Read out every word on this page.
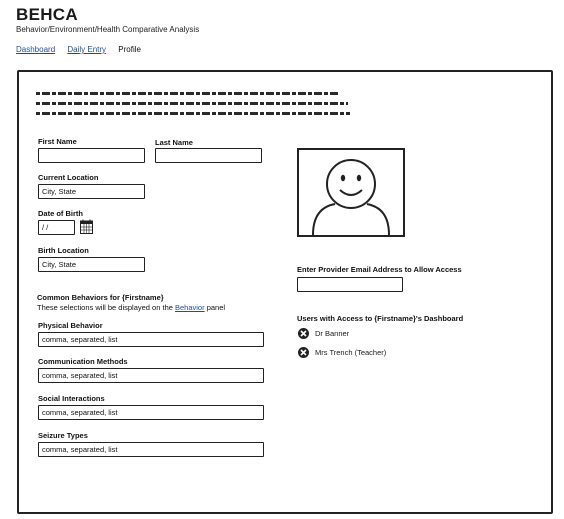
BEHCA
Behavior/Environment/Health Comparative Analysis
Dashboard Daily Entry Profile
First Name	Last Name
Current Location
City, State
Date of Birth
/ /
Birth Location
City, State
Common Behaviors for {Firstname}
These selections will be displayed on the Behavior panel
Physical Behavior
comma, separated, list
Communication Methods
comma, separated, list
Social Interactions
comma, separated, list
Seizure Types
comma, separated, list
Enter Provider Email Address to Allow Access
Users with Access to {Firstname}'s Dashboard
Dr Banner
Mrs Trench (Teacher)
